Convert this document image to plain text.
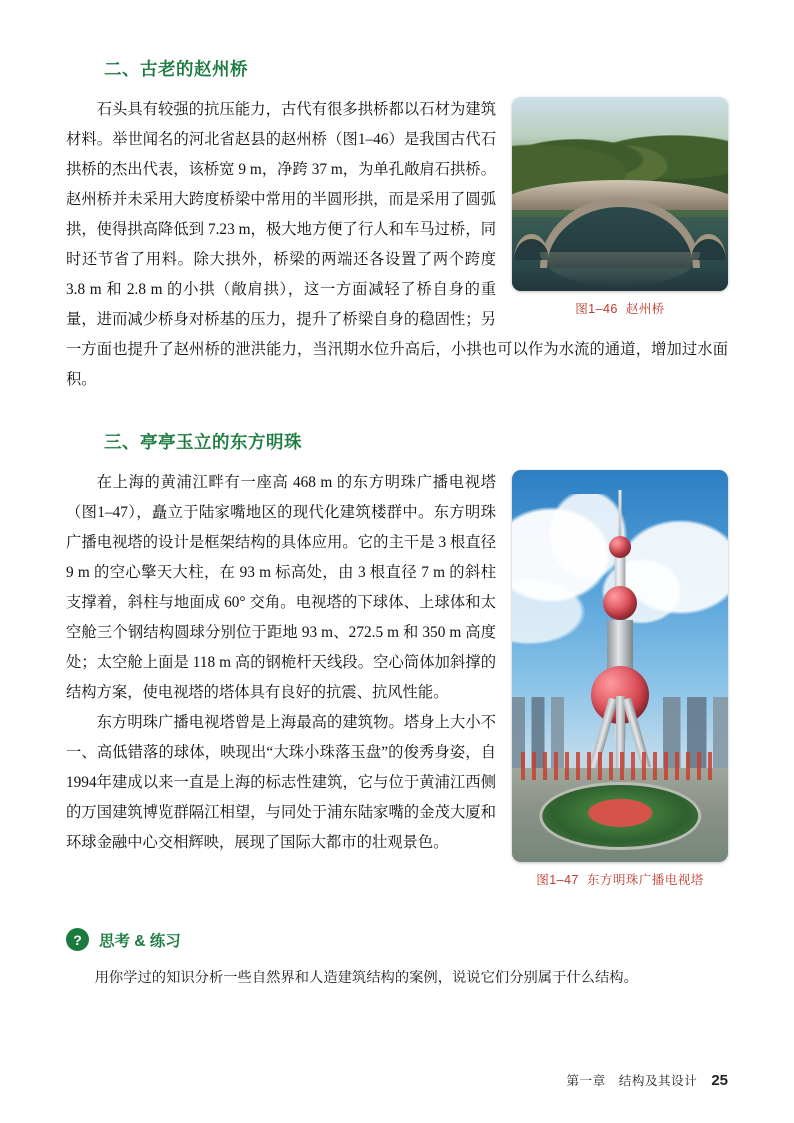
二、古老的赵州桥
图1–46 赵州桥

石头具有较强的抗压能力，古代有很多拱桥都以石材为建筑材料。举世闻名的河北省赵县的赵州桥（图1–46）是我国古代石拱桥的杰出代表，该桥宽 9 m，净跨 37 m，为单孔敞肩石拱桥。赵州桥并未采用大跨度桥梁中常用的半圆形拱，而是采用了圆弧拱，使得拱高降低到 7.23 m，极大地方便了行人和车马过桥，同时还节省了用料。除大拱外，桥梁的两端还各设置了两个跨度 3.8 m 和 2.8 m 的小拱（敞肩拱），这一方面减轻了桥自身的重量，进而减少桥身对桥基的压力，提升了桥梁自身的稳固性；另一方面也提升了赵州桥的泄洪能力，当汛期水位升高后，小拱也可以作为水流的通道，增加过水面积。

三、亭亭玉立的东方明珠
图1–47 东方明珠广播电视塔

在上海的黄浦江畔有一座高 468 m 的东方明珠广播电视塔（图1–47），矗立于陆家嘴地区的现代化建筑楼群中。东方明珠广播电视塔的设计是框架结构的具体应用。它的主干是 3 根直径 9 m 的空心擎天大柱，在 93 m 标高处，由 3 根直径 7 m 的斜柱支撑着，斜柱与地面成 60° 交角。电视塔的下球体、上球体和太空舱三个钢结构圆球分别位于距地 93 m、272.5 m 和 350 m 高度处；太空舱上面是 118 m 高的钢桅杆天线段。空心筒体加斜撑的结构方案，使电视塔的塔体具有良好的抗震、抗风性能。

东方明珠广播电视塔曾是上海最高的建筑物。塔身上大小不一、高低错落的球体，映现出“大珠小珠落玉盘”的俊秀身姿，自1994年建成以来一直是上海的标志性建筑，它与位于黄浦江西侧的万国建筑博览群隔江相望，与同处于浦东陆家嘴的金茂大厦和环球金融中心交相辉映，展现了国际大都市的壮观景色。

?	思考 & 练习

用你学过的知识分析一些自然界和人造建筑结构的案例，说说它们分别属于什么结构。

第一章　结构及其设计 25
